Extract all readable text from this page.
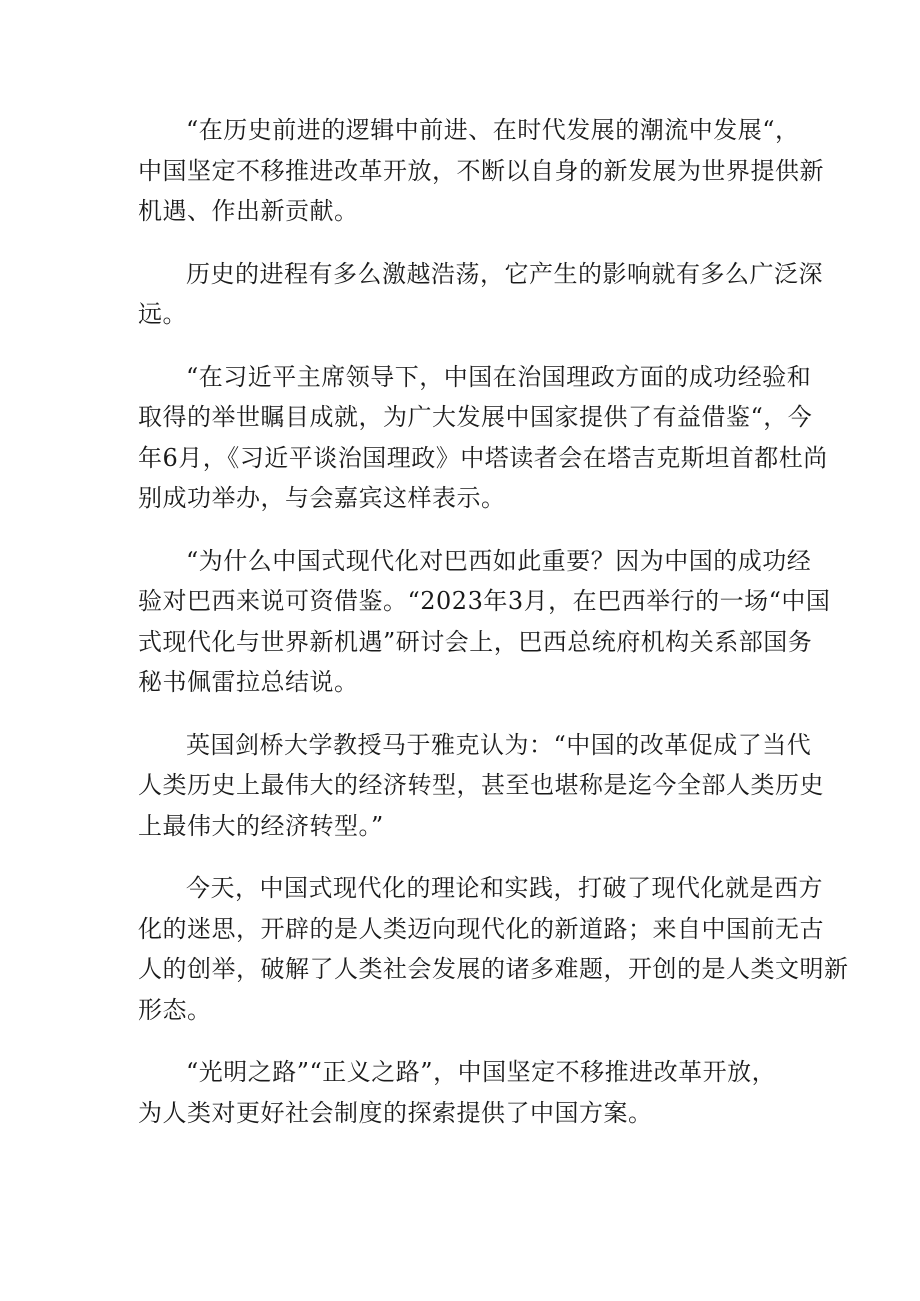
“在历史前进的逻辑中前进、在时代发展的潮流中发展“，
中国坚定不移推进改革开放，不断以自身的新发展为世界提供新
机遇、作出新贡献。

历史的进程有多么激越浩荡，它产生的影响就有多么广泛深
远。

“在习近平主席领导下，中国在治国理政方面的成功经验和
取得的举世瞩目成就，为广大发展中国家提供了有益借鉴“，今
年6月，《习近平谈治国理政》中塔读者会在塔吉克斯坦首都杜尚
别成功举办，与会嘉宾这样表示。

“为什么中国式现代化对巴西如此重要？因为中国的成功经
验对巴西来说可资借鉴。“2023年3月，在巴西举行的一场“中国
式现代化与世界新机遇”研讨会上，巴西总统府机构关系部国务
秘书佩雷拉总结说。

英国剑桥大学教授马于雅克认为：“中国的改革促成了当代
人类历史上最伟大的经济转型，甚至也堪称是迄今全部人类历史
上最伟大的经济转型。”

今天，中国式现代化的理论和实践，打破了现代化就是西方
化的迷思，开辟的是人类迈向现代化的新道路；来自中国前无古
人的创举，破解了人类社会发展的诸多难题，开创的是人类文明新
形态。

“光明之路”“正义之路”，中国坚定不移推进改革开放，
为人类对更好社会制度的探索提供了中国方案。
